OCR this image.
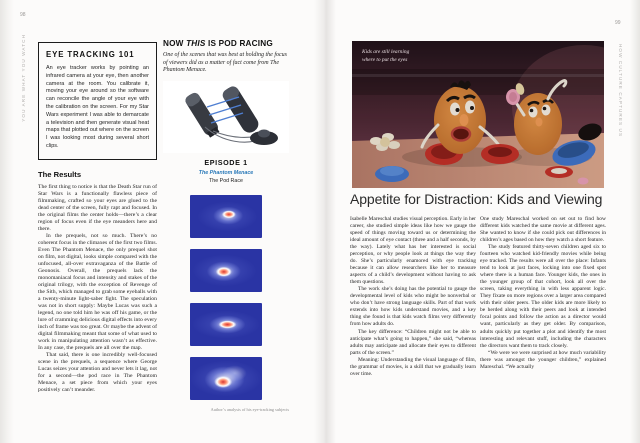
98
YOU ARE WHAT YOU WATCH	EYE TRACKING 101

An eye tracker works by pointing an infrared camera at your eye, then another camera at the room. You calibrate it, moving your eye around so the software can reconcile the angle of your eye with the calibration on the screen. For my Star Wars experiment I was able to demarcate a television and then generate visual heat maps that plotted out where on the screen I was looking most during several short clips.

The Results

The first thing to notice is that the Death Star run of Star Wars is a functionally flawless piece of filmmaking, crafted so your eyes are glued to the dead center of the screen, fully rapt and focused. In the original films the center holds—there’s a clear region of focus even if the eye meanders here and there.

In the prequels, not so much. There’s no coherent focus in the climaxes of the first two films. Even The Phantom Menace, the only prequel shot on film, not digital, looks simple compared with the unfocused, all-over extravaganza of the Battle of Geonosis. Overall, the prequels lack the monomaniacal focus and intensity and stakes of the original trilogy, with the exception of Revenge of the Sith, which managed to grab some eyeballs with a twenty-minute light-saber fight. The speculation was not in short supply: Maybe Lucas was such a legend, no one told him he was off his game, or the lure of cramming delicious digital effects into every inch of frame was too great. Or maybe the advent of digital filmmaking meant that some of what used to work in manipulating attention wasn’t as effective. In any case, the prequels are all over the map.

That said, there is one incredibly well-focused scene in the prequels, a sequence where George Lucas seizes your attention and never lets it lag, not for a second—the pod race in The Phantom Menace, a set piece from which your eyes positively can’t meander.

NOW THIS IS POD RACING

One of the scenes that was best at holding the focus of viewers did as a matter of fact come from The Phantom Menace.

EPISODE 1
The Phantom Menace
The Pod Race
Author’s analysis of his eye-tracking subjects
Kids are still learning
where to put the eyes
99
HOW CULTURE CAPTURES US
Appetite for Distraction: Kids and Viewing

Isabelle Mareschal studies visual perception. Early in her career, she studied simple ideas like how we gauge the speed of things moving toward us or determining the ideal amount of eye contact (three and a half seconds, by the way). Lately what has her interested is social perception, or why people look at things the way they do. She’s particularly enamored with eye tracking because it can allow researchers like her to measure aspects of a child’s development without having to ask them questions.

The work she’s doing has the potential to gauge the developmental level of kids who might be nonverbal or who don’t have strong language skills. Part of that work extends into how kids understand movies, and a key thing she found is that kids watch films very differently from how adults do.

The key difference: “Children might not be able to anticipate what’s going to happen,” she said, “whereas adults may anticipate and allocate their eyes to different parts of the screen.”

Meaning: Understanding the visual language of film, the grammar of movies, is a skill that we gradually learn over time.

One study Mareschal worked on set out to find how different kids watched the same movie at different ages. She wanted to know if she could pick out differences in children’s ages based on how they watch a short feature.

The study featured thirty-seven children aged six to fourteen who watched kid-friendly movies while being eye tracked. The results were all over the place: Infants tend to look at just faces, locking into one fixed spot where there is a human face. Younger kids, the ones in the younger group of that cohort, look all over the screen, taking everything in with less apparent logic. They fixate on more regions over a larger area compared with their older peers. The older kids are more likely to be herded along with their peers and look at intended focal points and follow the action as a director would want, particularly as they get older. By comparison, adults quickly put together a plot and identify the most interesting and relevant stuff, including the characters the directors want them to track closely.

“We were we were surprised at how much variability there was amongst the younger children,” explained Mareschal. “We actually
